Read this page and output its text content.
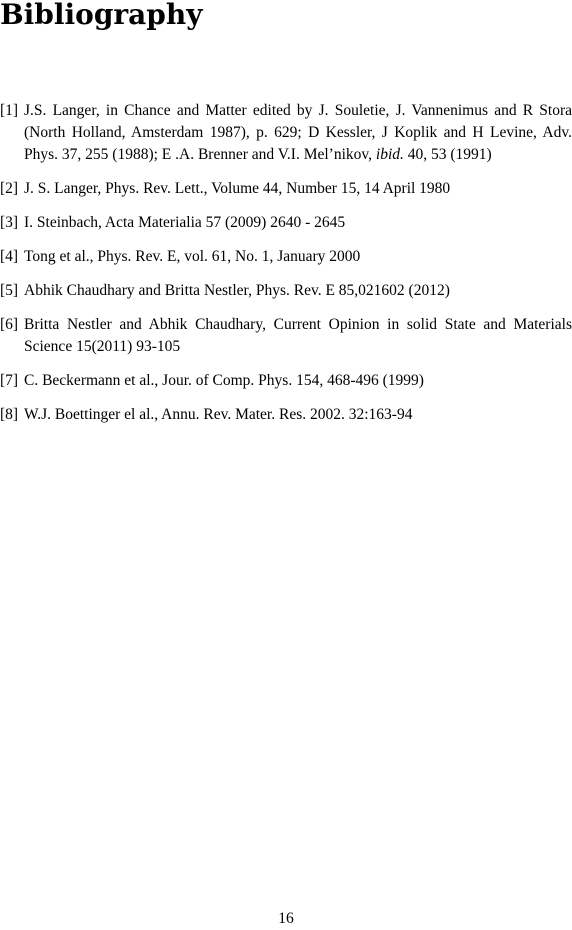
Bibliography
[1] J.S. Langer, in Chance and Matter edited by J. Souletie, J. Vannenimus and R Stora (North Holland, Amsterdam 1987), p. 629; D Kessler, J Koplik and H Levine, Adv. Phys. 37, 255 (1988); E .A. Brenner and V.I. Mel’nikov, ibid. 40, 53 (1991)
[2] J. S. Langer, Phys. Rev. Lett., Volume 44, Number 15, 14 April 1980
[3] I. Steinbach, Acta Materialia 57 (2009) 2640 - 2645
[4] Tong et al., Phys. Rev. E, vol. 61, No. 1, January 2000
[5] Abhik Chaudhary and Britta Nestler, Phys. Rev. E 85,021602 (2012)
[6] Britta Nestler and Abhik Chaudhary, Current Opinion in solid State and Materials Science 15(2011) 93-105
[7] C. Beckermann et al., Jour. of Comp. Phys. 154, 468-496 (1999)
[8] W.J. Boettinger el al., Annu. Rev. Mater. Res. 2002. 32:163-94
16
